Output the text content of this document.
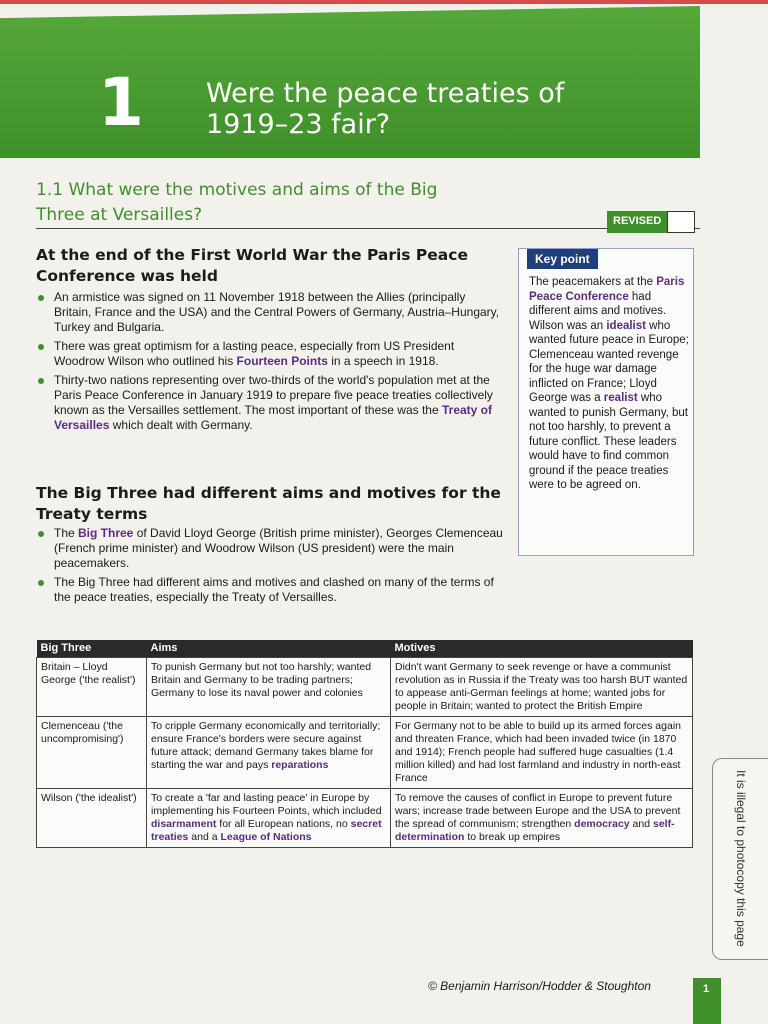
1 Were the peace treaties of 1919–23 fair?
1.1 What were the motives and aims of the Big Three at Versailles?	REVISED
At the end of the First World War the Paris Peace Conference was held
An armistice was signed on 11 November 1918 between the Allies (principally Britain, France and the USA) and the Central Powers of Germany, Austria–Hungary, Turkey and Bulgaria.
There was great optimism for a lasting peace, especially from US President Woodrow Wilson who outlined his Fourteen Points in a speech in 1918.
Thirty-two nations representing over two-thirds of the world's population met at the Paris Peace Conference in January 1919 to prepare five peace treaties collectively known as the Versailles settlement. The most important of these was the Treaty of Versailles which dealt with Germany.
The Big Three had different aims and motives for the Treaty terms
The Big Three of David Lloyd George (British prime minister), Georges Clemenceau (French prime minister) and Woodrow Wilson (US president) were the main peacemakers.
The Big Three had different aims and motives and clashed on many of the terms of the peace treaties, especially the Treaty of Versailles.
Key point
The peacemakers at the Paris Peace Conference had different aims and motives. Wilson was an idealist who wanted future peace in Europe; Clemenceau wanted revenge for the huge war damage inflicted on France; Lloyd George was a realist who wanted to punish Germany, but not too harshly, to prevent a future conflict. These leaders would have to find common ground if the peace treaties were to be agreed on.
Big Three	Aims	Motives
Britain – Lloyd George ('the realist')	To punish Germany but not too harshly; wanted Britain and Germany to be trading partners; Germany to lose its naval power and colonies	Didn't want Germany to seek revenge or have a communist revolution as in Russia if the Treaty was too harsh BUT wanted to appease anti-German feelings at home; wanted jobs for people in Britain; wanted to protect the British Empire
Clemenceau ('the uncompromising')	To cripple Germany economically and territorially; ensure France's borders were secure against future attack; demand Germany takes blame for starting the war and pays reparations	For Germany not to be able to build up its armed forces again and threaten France, which had been invaded twice (in 1870 and 1914); French people had suffered huge casualties (1.4 million killed) and had lost farmland and industry in north-east France
Wilson ('the idealist')	To create a 'far and lasting peace' in Europe by implementing his Fourteen Points, which included disarmament for all European nations, no secret treaties and a League of Nations	To remove the causes of conflict in Europe to prevent future wars; increase trade between Europe and the USA to prevent the spread of communism; strengthen democracy and self-determination to break up empires	It is illegal to photocopy this page
© Benjamin Harrison/Hodder & Stoughton	1
